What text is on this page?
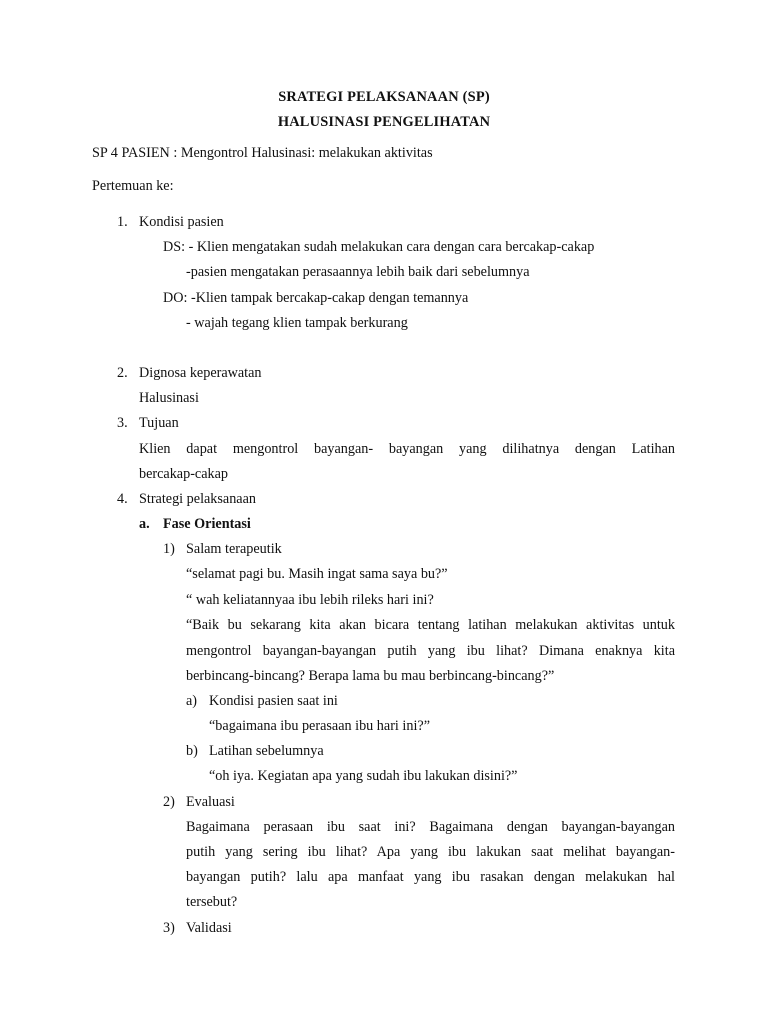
SRATEGI PELAKSANAAN (SP)
HALUSINASI PENGELIHATAN
SP 4 PASIEN : Mengontrol Halusinasi: melakukan aktivitas
Pertemuan ke:
1. Kondisi pasien
DS: - Klien mengatakan sudah melakukan cara dengan cara bercakap-cakap
-pasien mengatakan perasaannya lebih baik dari sebelumnya
DO: -Klien tampak bercakap-cakap dengan temannya
- wajah tegang klien tampak berkurang
2. Dignosa keperawatan
Halusinasi
3. Tujuan
Klien dapat mengontrol bayangan- bayangan yang dilihatnya dengan Latihan
bercakap-cakap
4. Strategi pelaksanaan
a. Fase Orientasi
1) Salam terapeutik
“selamat pagi bu. Masih ingat sama saya bu?”
“ wah keliatannyaa ibu lebih rileks hari ini?
“Baik bu sekarang kita akan bicara tentang latihan melakukan aktivitas untuk
mengontrol bayangan-bayangan putih yang ibu lihat? Dimana enaknya kita
berbincang-bincang? Berapa lama bu mau berbincang-bincang?”
a) Kondisi pasien saat ini
“bagaimana ibu perasaan ibu hari ini?”
b) Latihan sebelumnya
“oh iya. Kegiatan apa yang sudah ibu lakukan disini?”
2) Evaluasi
Bagaimana perasaan ibu saat ini? Bagaimana dengan bayangan-bayangan
putih yang sering ibu lihat? Apa yang ibu lakukan saat melihat bayangan-
bayangan putih? lalu apa manfaat yang ibu rasakan dengan melakukan hal
tersebut?
3) Validasi
